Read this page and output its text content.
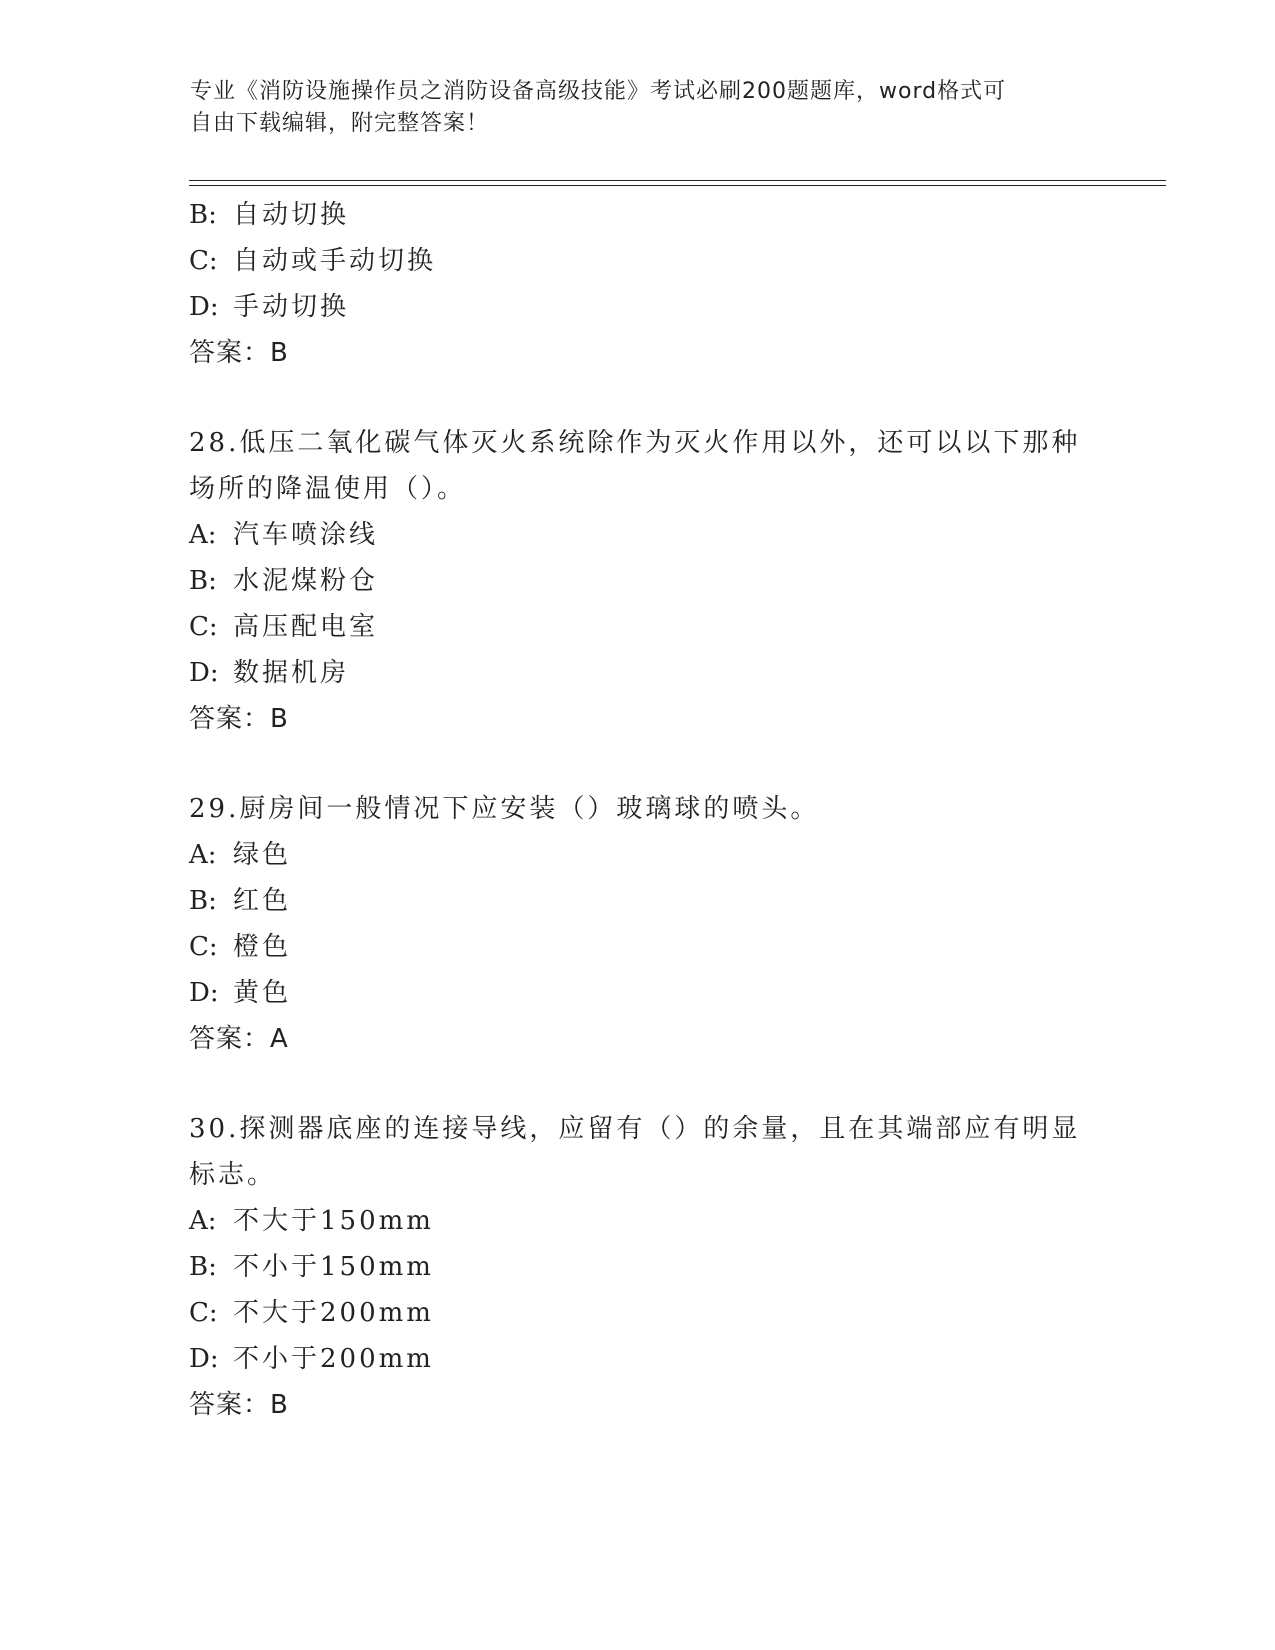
专业《消防设施操作员之消防设备高级技能》考试必刷200题题库，word格式可
自由下载编辑，附完整答案！
B: 自动切换
C: 自动或手动切换
D: 手动切换
答案：B
28.低压二氧化碳气体灭火系统除作为灭火作用以外，还可以以下那种
场所的降温使用（）。
A: 汽车喷涂线
B: 水泥煤粉仓
C: 高压配电室
D: 数据机房
答案：B
29.厨房间一般情况下应安装（）玻璃球的喷头。
A: 绿色
B: 红色
C: 橙色
D: 黄色
答案：A
30.探测器底座的连接导线，应留有（）的余量，且在其端部应有明显
标志。
A: 不大于150mm
B: 不小于150mm
C: 不大于200mm
D: 不小于200mm
答案：B
